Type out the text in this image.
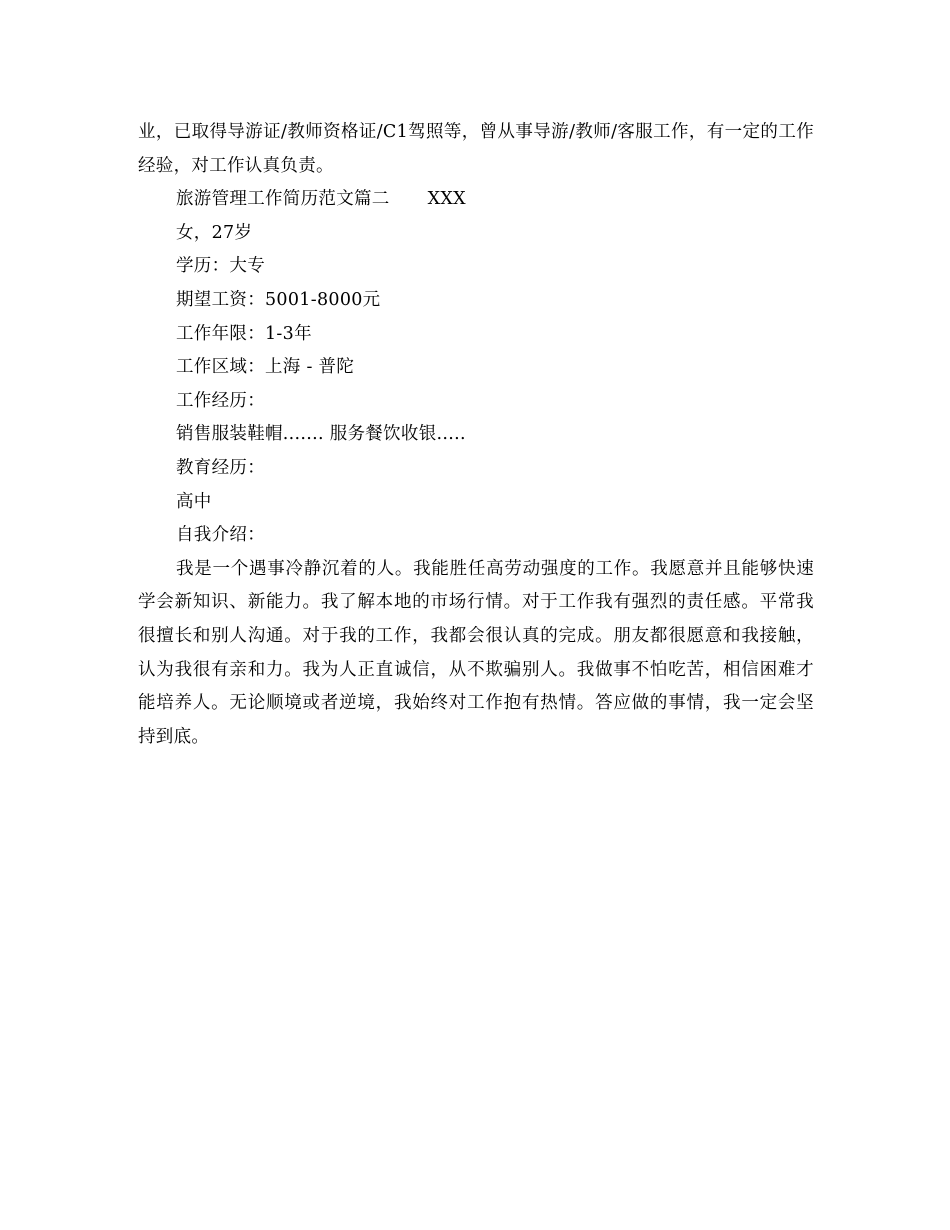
业，已取得导游证/教师资格证/C1驾照等，曾从事导游/教师/客服工作，有一定的工作经验，对工作认真负责。
旅游管理工作简历范文篇二 XXX
女，27岁
学历：大专
期望工资：5001-8000元
工作年限：1-3年
工作区域：上海 - 普陀
工作经历：
销售服装鞋帽....... 服务餐饮收银.....
教育经历：
高中
自我介绍：
我是一个遇事冷静沉着的人。我能胜任高劳动强度的工作。我愿意并且能够快速学会新知识、新能力。我了解本地的市场行情。对于工作我有强烈的责任感。平常我很擅长和别人沟通。对于我的工作，我都会很认真的完成。朋友都很愿意和我接触，认为我很有亲和力。我为人正直诚信，从不欺骗别人。我做事不怕吃苦，相信困难才能培养人。无论顺境或者逆境，我始终对工作抱有热情。答应做的事情，我一定会坚持到底。
